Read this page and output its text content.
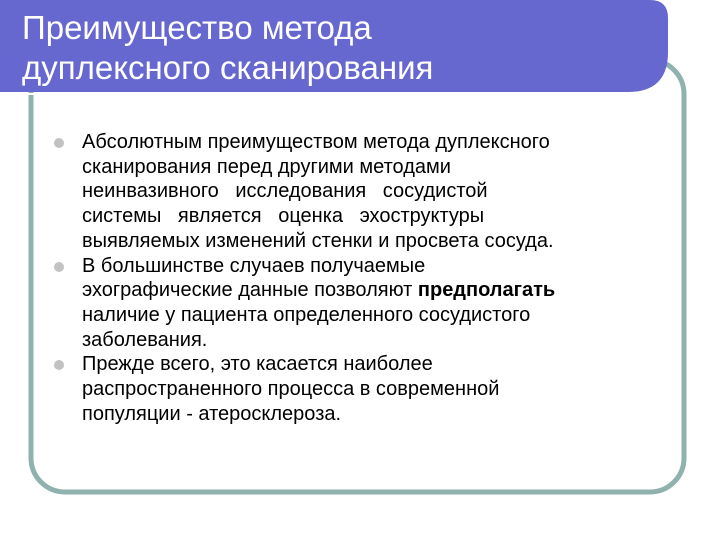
Преимущество метода
дуплексного сканирования
Абсолютным преимуществом метода дуплексного
сканирования перед другими методами
неинвазивного исследования сосудистой
системы является оценка эхоструктуры
выявляемых изменений стенки и просвета сосуда.
В большинстве случаев получаемые
эхографические данные позволяют предполагать
наличие у пациента определенного сосудистого
заболевания.
Прежде всего, это касается наиболее
распространенного процесса в современной
популяции - атеросклероза.
